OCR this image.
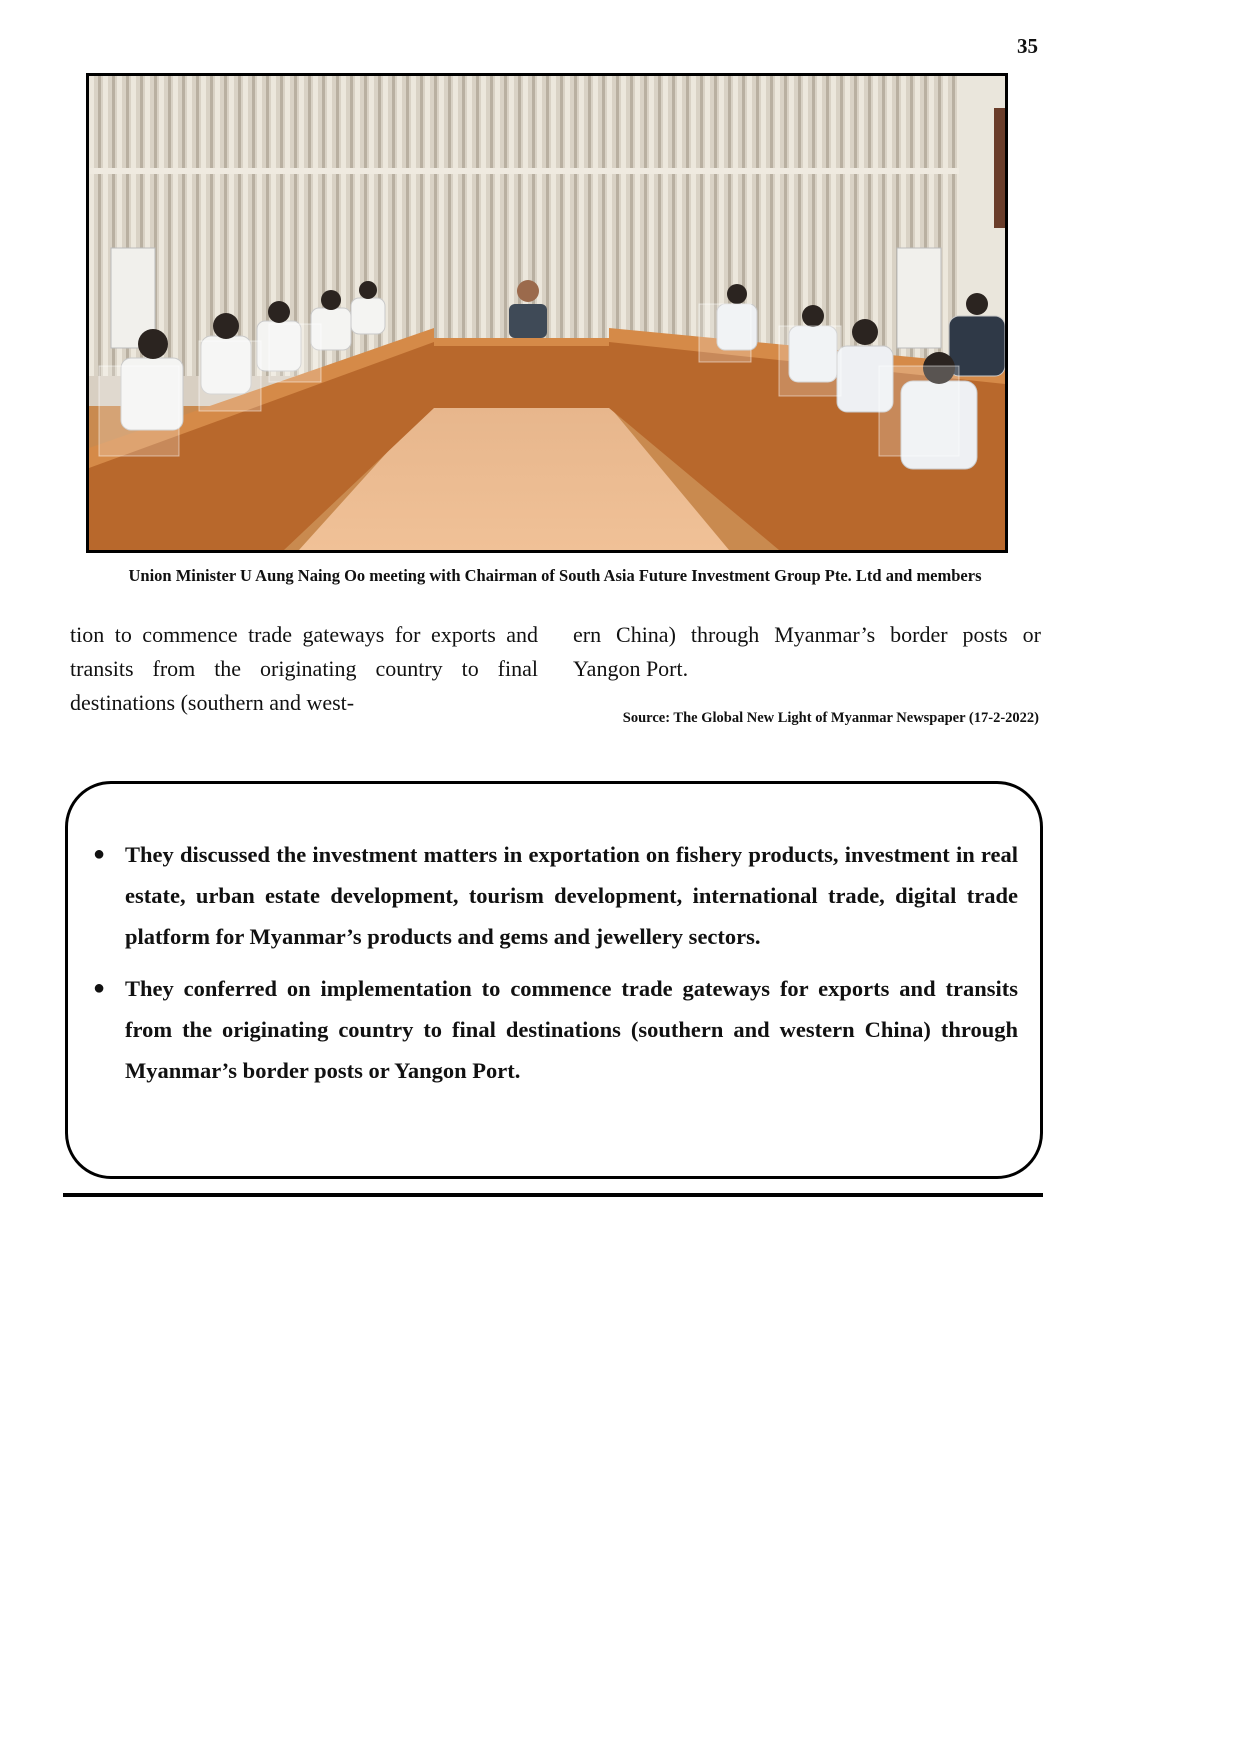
35
Union Minister U Aung Naing Oo meeting with Chairman of South Asia Future Investment Group Pte. Ltd and members
tion to commence trade gateways for exports and transits from the originating country to final destinations (southern and west-
ern China) through Myanmar’s border posts or Yangon Port.
Source: The Global New Light of Myanmar Newspaper (17-2-2022)
● They discussed the investment matters in exportation on fishery products, investment in real estate, urban estate development, tourism development, international trade, digital trade platform for Myanmar’s products and gems and jewellery sectors.
● They conferred on implementation to commence trade gateways for exports and transits from the originating country to final destinations (southern and western China) through Myanmar’s border posts or Yangon Port.
